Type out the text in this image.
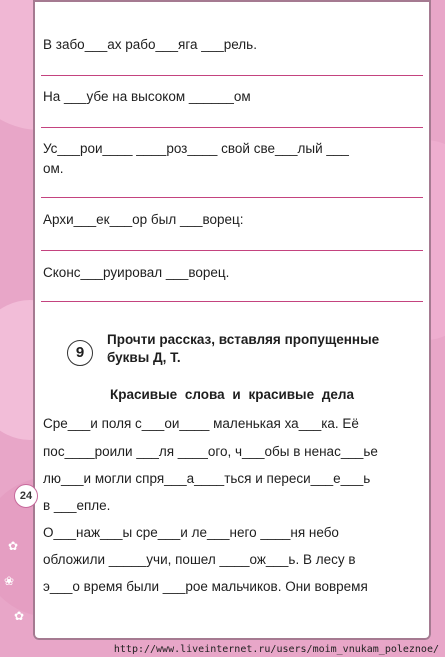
✿
❀
✿
В забо___ах рабо___яга ___рель.
На ___убе на высоком ______ом
Ус___рои____ ____роз____ свой све___лый ___
ом.
Архи___ек___ор был ___ворец:
Сконс___руировал ___ворец.
9
Прочти рассказ, вставляя пропущенные
буквы Д, Т.
Красивые слова и красивые дела
Сре___и поля с___ои____ маленькая ха___ка. Её
пос____роили ___ля ____ого, ч___обы в ненас___ье
лю___и могли спря___а____ться и переси___е___ь
в ___епле.
О___наж___ы сре___и ле___него ____ня небо
обложили _____учи, пошел ____ож___ь. В лесу в
э___о время были ___рое мальчиков. Они вовремя
24
http://www.liveinternet.ru/users/moim_vnukam_poleznoe/
